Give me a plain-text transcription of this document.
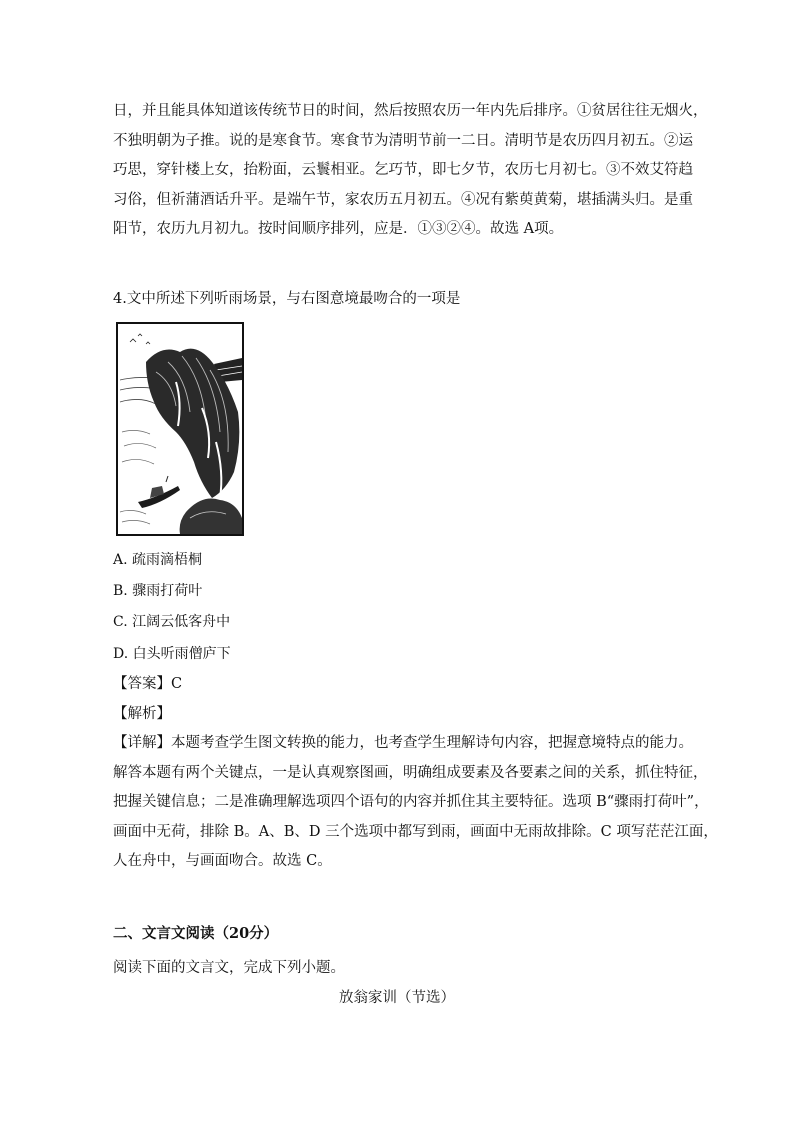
日，并且能具体知道该传统节日的时间，然后按照农历一年内先后排序。①贫居往往无烟火，
不独明朝为子推。说的是寒食节。寒食节为清明节前一二日。清明节是农历四月初五。②运
巧思，穿针楼上女，抬粉面，云鬟相亚。乞巧节，即七夕节，农历七月初七。③不效艾符趋
习俗，但祈蒲酒话升平。是端午节，家农历五月初五。④况有紫萸黄菊，堪插满头归。是重
阳节，农历九月初九。按时间顺序排列，应是．①③②④。故选 A项。
4.文中所述下列听雨场景，与右图意境最吻合的一项是
A. 疏雨滴梧桐
B. 骤雨打荷叶
C. 江阔云低客舟中
D. 白头听雨僧庐下
【答案】C
【解析】
【详解】本题考查学生图文转换的能力，也考查学生理解诗句内容，把握意境特点的能力。
解答本题有两个关键点，一是认真观察图画，明确组成要素及各要素之间的关系，抓住特征，
把握关键信息；二是准确理解选项四个语句的内容并抓住其主要特征。选项 B“骤雨打荷叶”，
画面中无荷，排除 B。A、B、D 三个选项中都写到雨，画面中无雨故排除。C 项写茫茫江面，
人在舟中，与画面吻合。故选 C。
二、文言文阅读（20分）
阅读下面的文言文，完成下列小题。
放翁家训（节选）
